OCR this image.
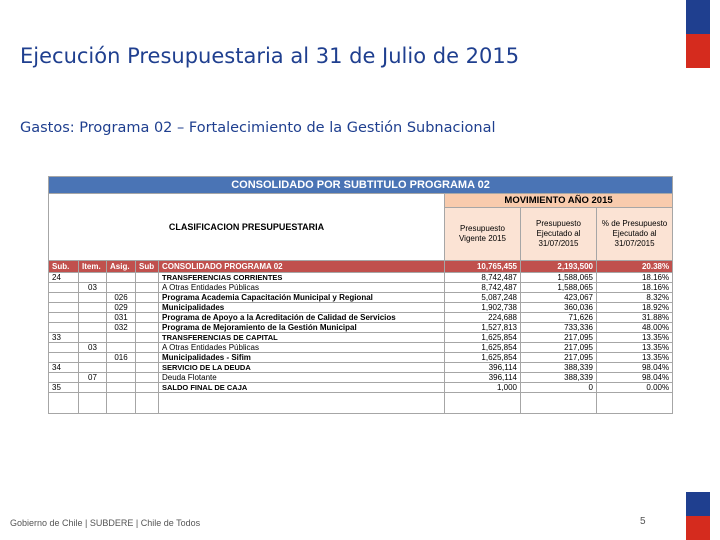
Ejecución Presupuestaria al 31 de Julio de 2015
Gastos: Programa 02 – Fortalecimiento de la Gestión Subnacional
CONSOLIDADO POR SUBTITULO PROGRAMA 02							
CLASIFICACION PRESUPUESTARIA					MOVIMIENTO AÑO 2015		
					Presupuesto Vigente 2015	Presupuesto Ejecutado al 31/07/2015	% de Presupuesto Ejecutado al 31/07/2015
Sub.	Item.	Asig.	Sub	CONSOLIDADO PROGRAMA 02	10,765,455	2,193,500	20.38%
24				TRANSFERENCIAS CORRIENTES	8,742,487	1,588,065	18.16%
	03			A Otras Entidades Públicas	8,742,487	1,588,065	18.16%
		026		Programa Academia Capacitación Municipal y Regional	5,087,248	423,067	8.32%
		029		Municipalidades	1,902,738	360,036	18.92%
		031		Programa de Apoyo a la Acreditación de Calidad de Servicios	224,688	71,626	31.88%
		032		Programa de Mejoramiento de la Gestión Municipal	1,527,813	733,336	48.00%
33				TRANSFERENCIAS DE CAPITAL	1,625,854	217,095	13.35%
	03			A Otras Entidades Públicas	1,625,854	217,095	13.35%
		016		Municipalidades - Sifim	1,625,854	217,095	13.35%
34				SERVICIO DE LA DEUDA	396,114	388,339	98.04%
	07			Deuda Flotante	396,114	388,339	98.04%
35				SALDO FINAL DE CAJA	1,000	0	0.00%

Gobierno de Chile | SUBDERE | Chile de Todos	5
